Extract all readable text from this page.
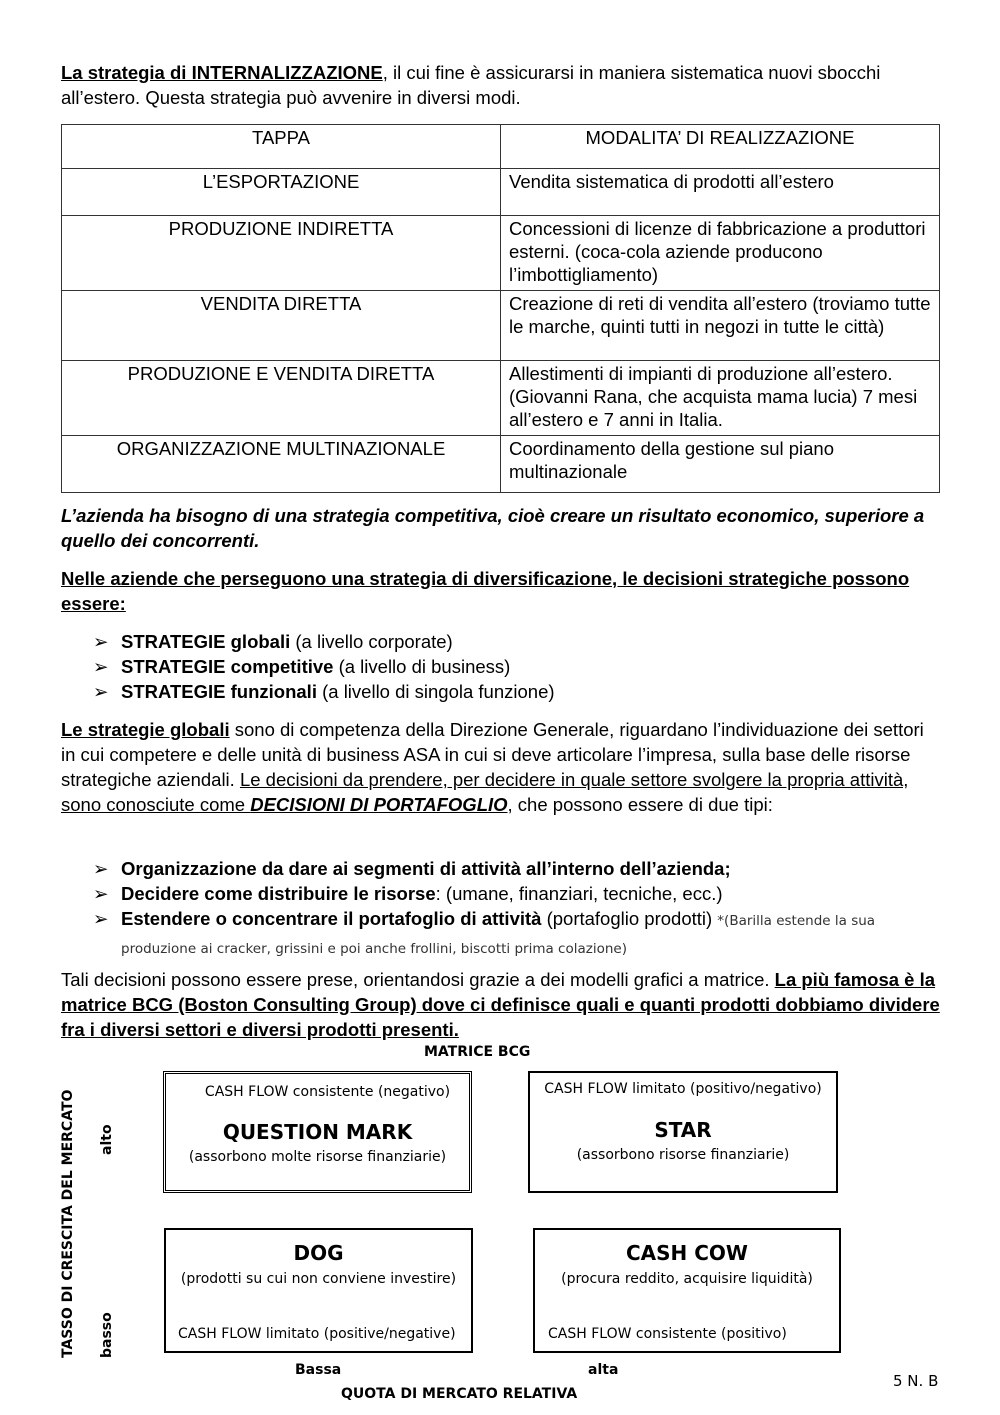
La strategia di INTERNALIZZAZIONE, il cui fine è assicurarsi in maniera sistematica nuovi sbocchi all’estero. Questa strategia può avvenire in diversi modi.

TAPPA	MODALITA’ DI REALIZZAZIONE
L’ESPORTAZIONE	Vendita sistematica di prodotti all’estero
PRODUZIONE INDIRETTA	Concessioni di licenze di fabbricazione a produttori esterni. (coca-cola aziende producono l’imbottigliamento)
VENDITA DIRETTA	Creazione di reti di vendita all’estero (troviamo tutte le marche, quinti tutti in negozi in tutte le città)
PRODUZIONE E VENDITA DIRETTA	Allestimenti di impianti di produzione all’estero. (Giovanni Rana, che acquista mama lucia) 7 mesi all’estero e 7 anni in Italia.
ORGANIZZAZIONE MULTINAZIONALE	Coordinamento della gestione sul piano multinazionale

L’azienda ha bisogno di una strategia competitiva, cioè creare un risultato economico, superiore a quello dei concorrenti.

Nelle aziende che perseguono una strategia di diversificazione, le decisioni strategiche possono essere:

➢ STRATEGIE globali (a livello corporate)
➢ STRATEGIE competitive (a livello di business)
➢ STRATEGIE funzionali (a livello di singola funzione)

Le strategie globali sono di competenza della Direzione Generale, riguardano l’individuazione dei settori in cui competere e delle unità di business ASA in cui si deve articolare l’impresa, sulla base delle risorse strategiche aziendali. Le decisioni da prendere, per decidere in quale settore svolgere la propria attività, sono conosciute come DECISIONI DI PORTAFOGLIO, che possono essere di due tipi:

➢ Organizzazione da dare ai segmenti di attività all’interno dell’azienda;
➢ Decidere come distribuire le risorse: (umane, finanziari, tecniche, ecc.)
➢ Estendere o concentrare il portafoglio di attività (portafoglio prodotti) *(Barilla estende la sua produzione ai cracker, grissini e poi anche frollini, biscotti prima colazione)

Tali decisioni possono essere prese, orientandosi grazie a dei modelli grafici a matrice. La più famosa è la matrice BCG (Boston Consulting Group) dove ci definisce quali e quanti prodotti dobbiamo dividere fra i diversi settori e diversi prodotti presenti.

MATRICE BCG
TASSO DI CRESCITA DEL MERCATO alto
basso
CASH FLOW consistente (negativo)
QUESTION MARK
(assorbono molte risorse finanziarie)
CASH FLOW limitato (positivo/negativo)
STAR
(assorbono risorse finanziarie)
DOG
(prodotti su cui non conviene investire)
CASH FLOW limitato (positive/negative)
CASH COW
(procura reddito, acquisire liquidità)
CASH FLOW consistente (positivo)
Bassa	alta
QUOTA DI MERCATO RELATIVA
5 N. B
